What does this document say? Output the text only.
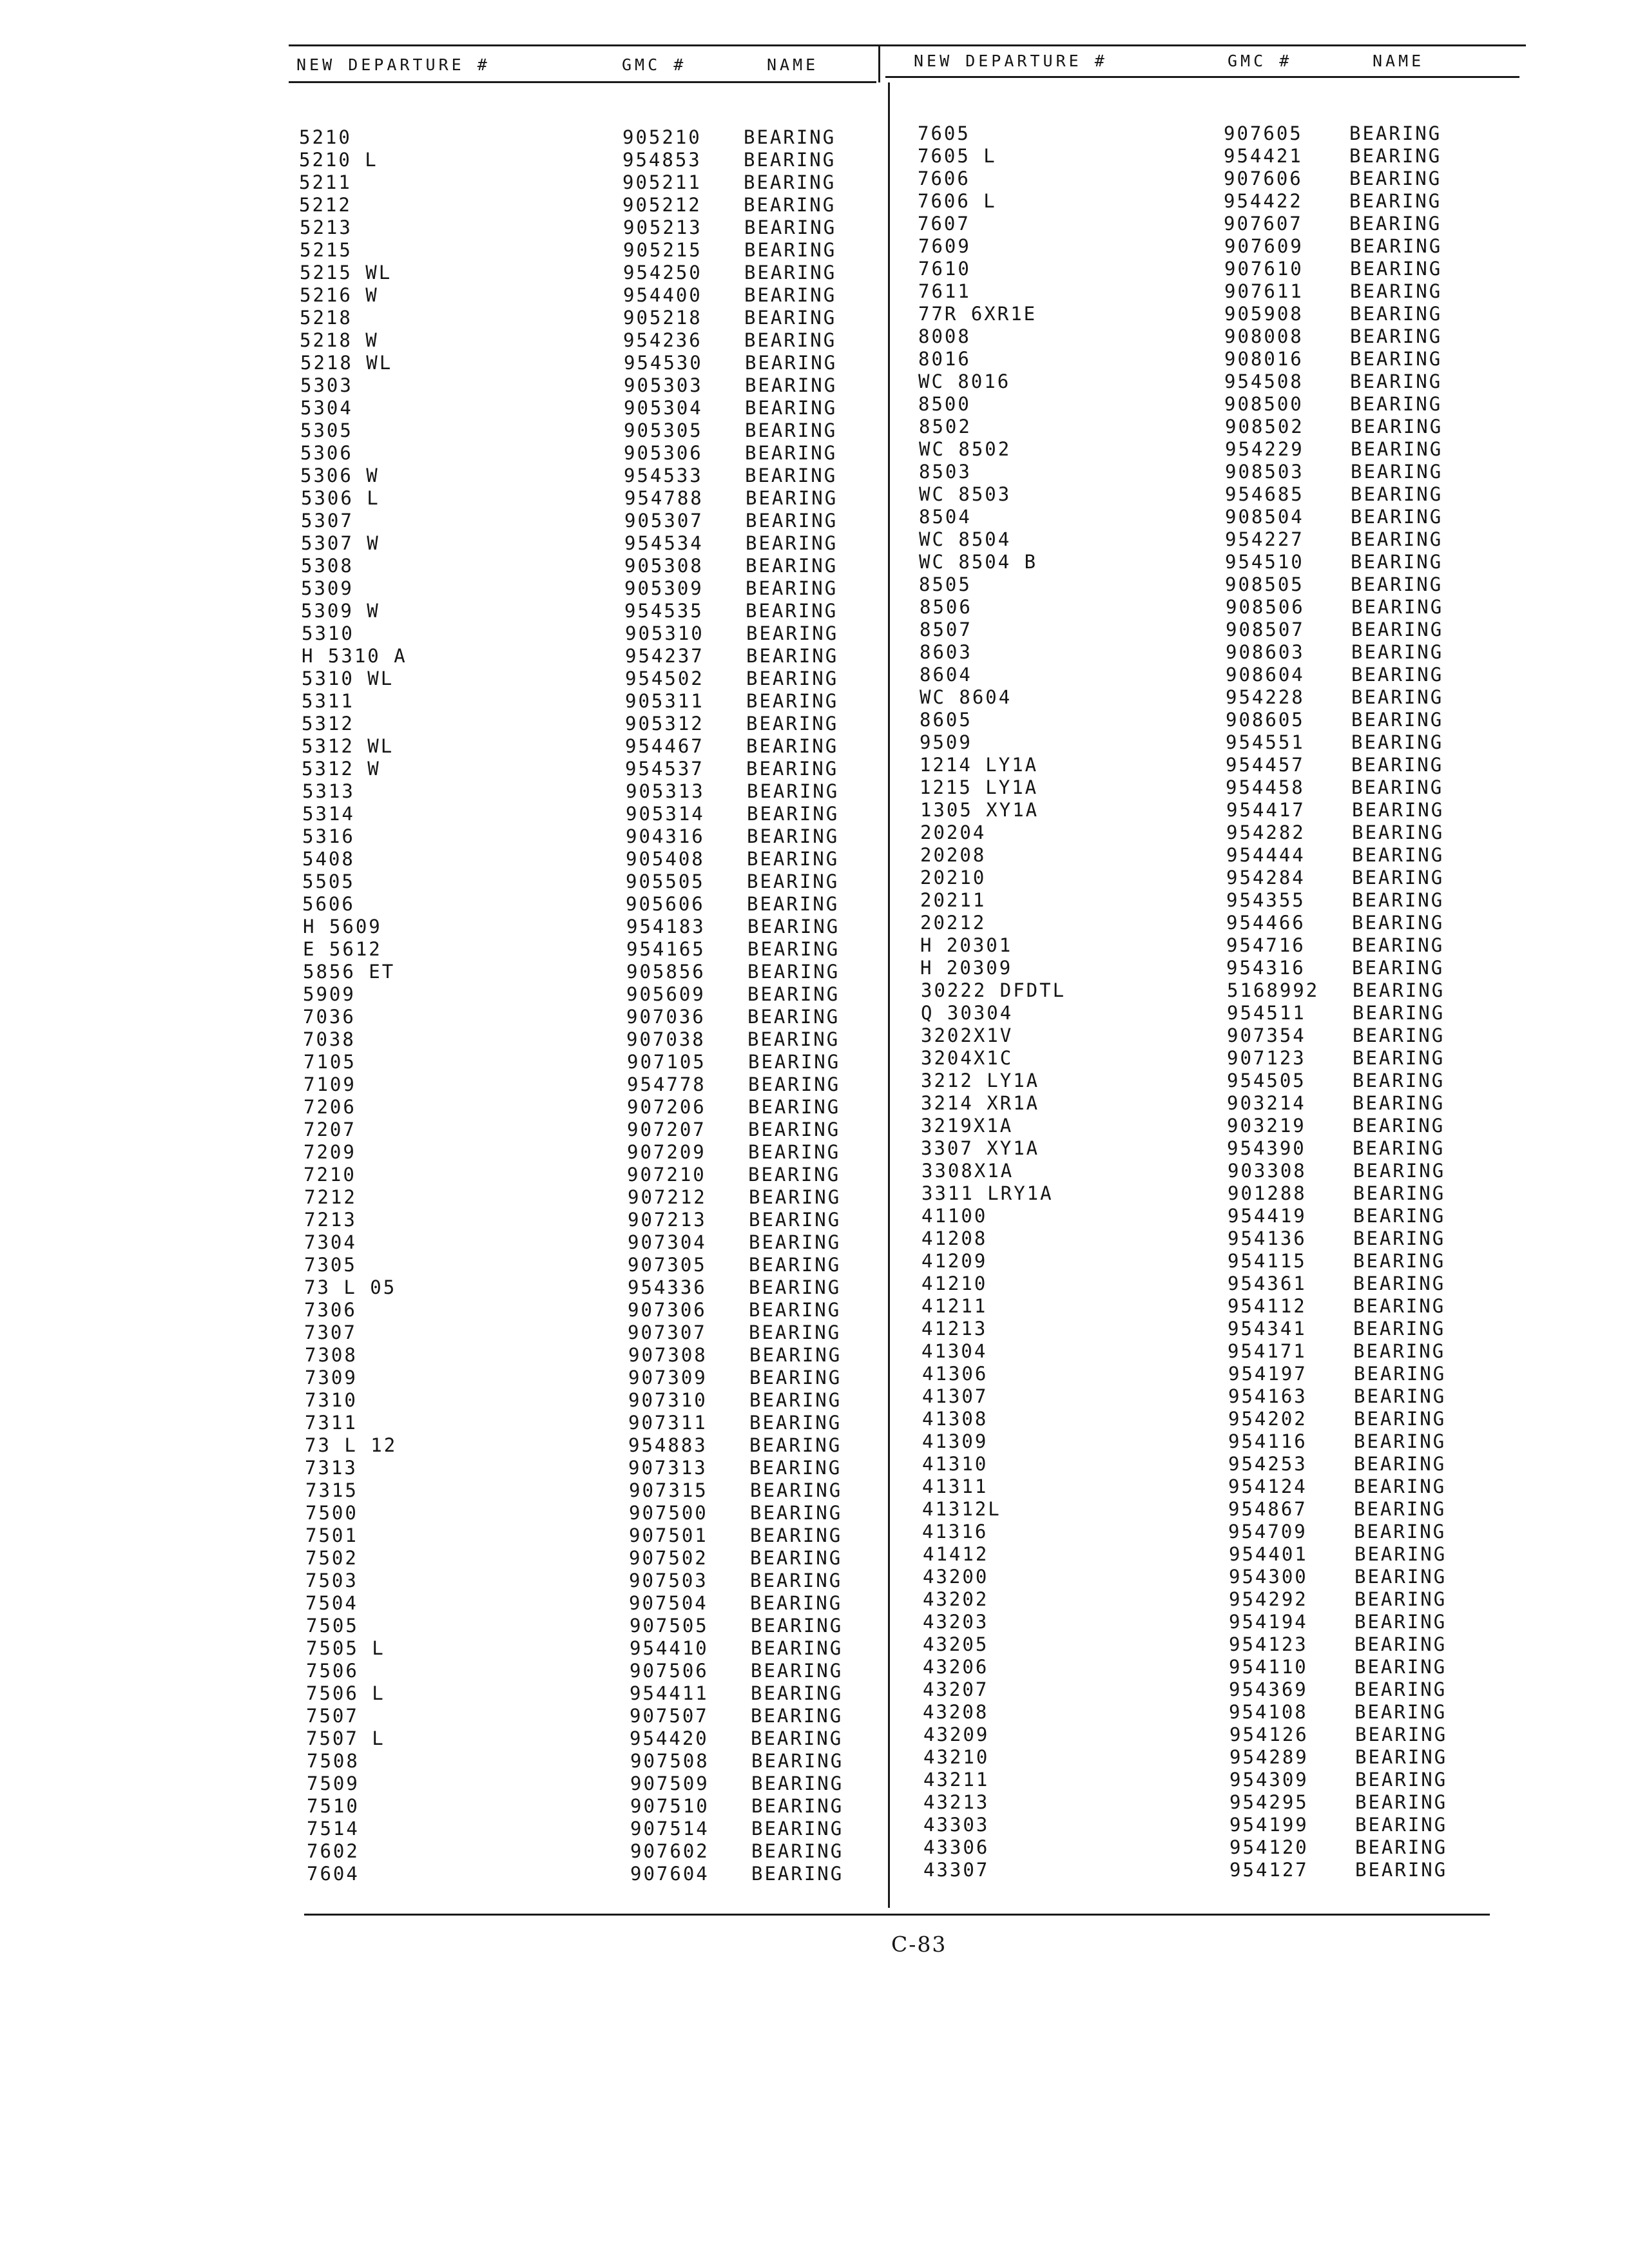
NEW DEPARTURE #	GMC #	NAME	NEW DEPARTURE #	GMC #	NAME
5210	905210 BEARING
5210 L	954853 BEARING
5211	905211 BEARING
5212	905212 BEARING
5213	905213 BEARING
5215	905215 BEARING
5215 WL	954250 BEARING
5216 W	954400 BEARING
5218	905218 BEARING
5218 W	954236 BEARING
5218 WL	954530 BEARING
5303	905303 BEARING
5304	905304 BEARING
5305	905305 BEARING
5306	905306 BEARING
5306 W	954533 BEARING
5306 L	954788 BEARING
5307	905307 BEARING
5307 W	954534 BEARING
5308	905308 BEARING
5309	905309 BEARING
5309 W	954535 BEARING
5310	905310 BEARING
H 5310 A	954237 BEARING
5310 WL	954502 BEARING
5311	905311 BEARING
5312	905312 BEARING
5312 WL	954467 BEARING
5312 W	954537 BEARING
5313	905313 BEARING
5314	905314 BEARING
5316	904316 BEARING
5408	905408 BEARING
5505	905505 BEARING
5606	905606 BEARING
H 5609	954183 BEARING
E 5612	954165 BEARING
5856 ET	905856 BEARING
5909	905609 BEARING
7036	907036 BEARING
7038	907038 BEARING
7105	907105 BEARING
7109	954778 BEARING
7206	907206 BEARING
7207	907207 BEARING
7209	907209 BEARING
7210	907210 BEARING
7212	907212 BEARING
7213	907213 BEARING
7304	907304 BEARING
7305	907305 BEARING
73 L 05	954336 BEARING
7306	907306 BEARING
7307	907307 BEARING
7308	907308 BEARING
7309	907309 BEARING
7310	907310 BEARING
7311	907311 BEARING
73 L 12	954883 BEARING
7313	907313 BEARING
7315	907315 BEARING
7500	907500 BEARING
7501	907501 BEARING
7502	907502 BEARING
7503	907503 BEARING
7504	907504 BEARING
7505	907505 BEARING
7505 L	954410 BEARING
7506	907506 BEARING
7506 L	954411 BEARING
7507	907507 BEARING
7507 L	954420 BEARING
7508	907508 BEARING
7509	907509 BEARING
7510	907510 BEARING
7514	907514 BEARING
7602	907602 BEARING
7604	907604 BEARING
7605	907605 BEARING
7605 L	954421 BEARING
7606	907606 BEARING
7606 L	954422 BEARING
7607	907607 BEARING
7609	907609 BEARING
7610	907610 BEARING
7611	907611 BEARING
77R 6XR1E	905908 BEARING
8008	908008 BEARING
8016	908016 BEARING
WC 8016	954508 BEARING
8500	908500 BEARING
8502	908502 BEARING
WC 8502	954229 BEARING
8503	908503 BEARING
WC 8503	954685 BEARING
8504	908504 BEARING
WC 8504	954227 BEARING
WC 8504 B	954510 BEARING
8505	908505 BEARING
8506	908506 BEARING
8507	908507 BEARING
8603	908603 BEARING
8604	908604 BEARING
WC 8604	954228 BEARING
8605	908605 BEARING
9509	954551 BEARING
1214 LY1A	954457 BEARING
1215 LY1A	954458 BEARING
1305 XY1A	954417 BEARING
20204	954282 BEARING
20208	954444 BEARING
20210	954284 BEARING
20211	954355 BEARING
20212	954466 BEARING
H 20301	954716 BEARING
H 20309	954316 BEARING
30222 DFDTL	5168992 BEARING
Q 30304	954511 BEARING
3202X1V	907354 BEARING
3204X1C	907123 BEARING
3212 LY1A	954505 BEARING
3214 XR1A	903214 BEARING
3219X1A	903219 BEARING
3307 XY1A	954390 BEARING
3308X1A	903308 BEARING
3311 LRY1A	901288 BEARING
41100	954419 BEARING
41208	954136 BEARING
41209	954115 BEARING
41210	954361 BEARING
41211	954112 BEARING
41213	954341 BEARING
41304	954171 BEARING
41306	954197 BEARING
41307	954163 BEARING
41308	954202 BEARING
41309	954116 BEARING
41310	954253 BEARING
41311	954124 BEARING
41312L	954867 BEARING
41316	954709 BEARING
41412	954401 BEARING
43200	954300 BEARING
43202	954292 BEARING
43203	954194 BEARING
43205	954123 BEARING
43206	954110 BEARING
43207	954369 BEARING
43208	954108 BEARING
43209	954126 BEARING
43210	954289 BEARING
43211	954309 BEARING
43213	954295 BEARING
43303	954199 BEARING
43306	954120 BEARING
43307	954127 BEARING
C-83
